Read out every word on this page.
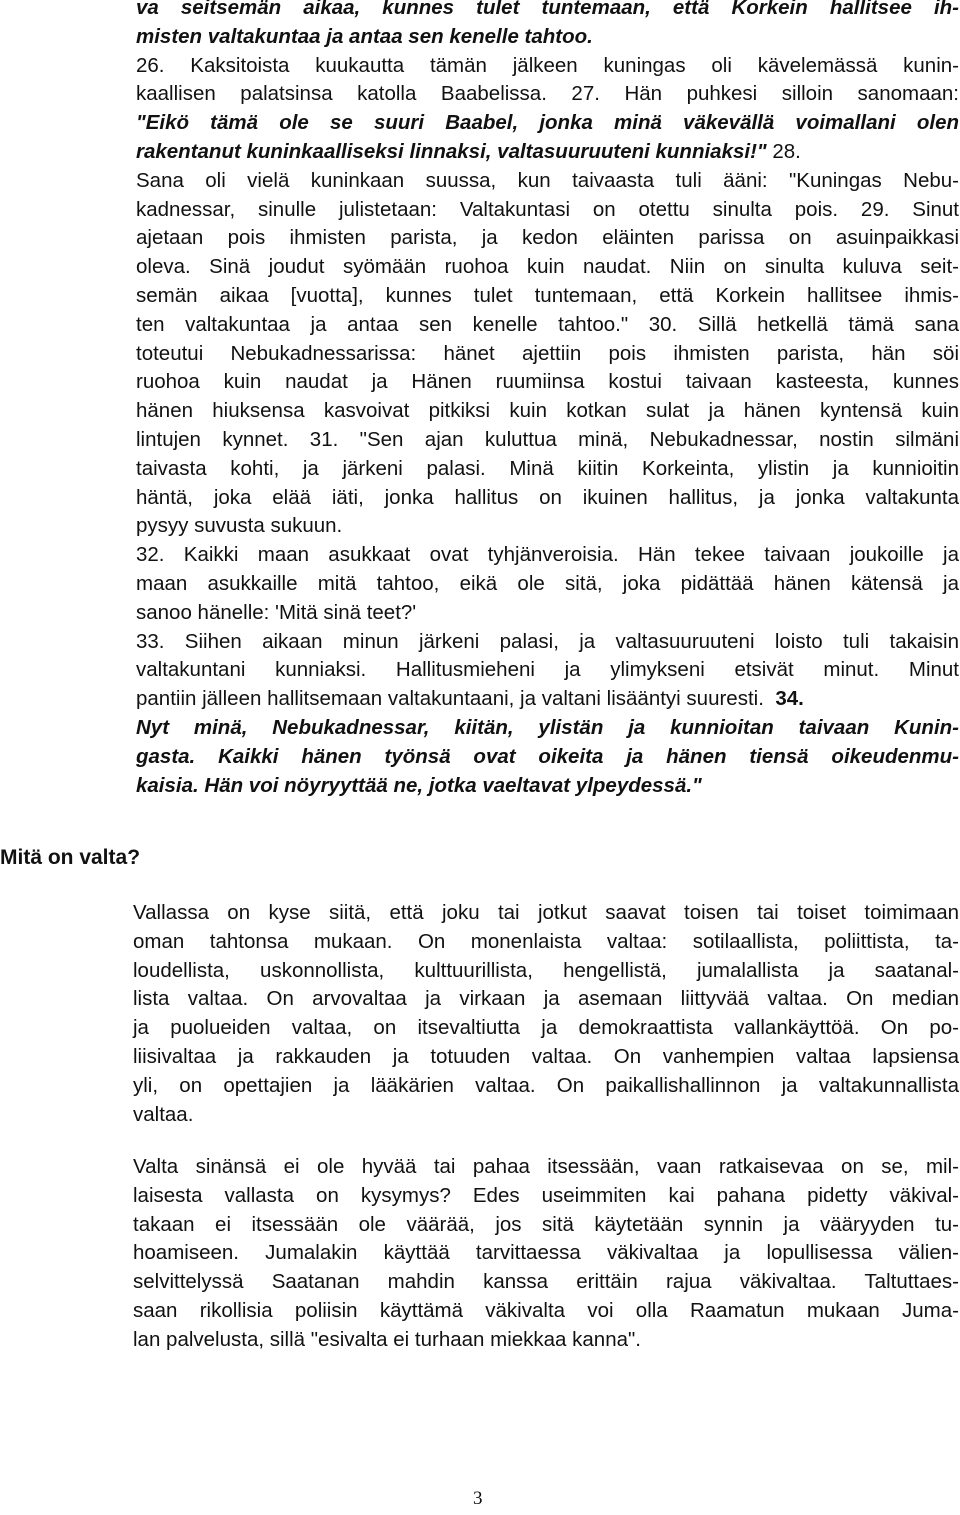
va seitsemän aikaa, kunnes tulet tuntemaan, että Korkein hallitsee ih-
misten valtakuntaa ja antaa sen kenelle tahtoo.
26. Kaksitoista kuukautta tämän jälkeen kuningas oli kävelemässä kunin-
kaallisen palatsinsa katolla Baabelissa. 27. Hän puhkesi silloin sanomaan:
"Eikö tämä ole se suuri Baabel, jonka minä väkevällä voimallani olen
rakentanut kuninkaalliseksi linnaksi, valtasuuruuteni kunniaksi!" 28.
Sana oli vielä kuninkaan suussa, kun taivaasta tuli ääni: "Kuningas Nebu-
kadnessar, sinulle julistetaan: Valtakuntasi on otettu sinulta pois. 29. Sinut
ajetaan pois ihmisten parista, ja kedon eläinten parissa on asuinpaikkasi
oleva. Sinä joudut syömään ruohoa kuin naudat. Niin on sinulta kuluva seit-
semän aikaa [vuotta], kunnes tulet tuntemaan, että Korkein hallitsee ihmis-
ten valtakuntaa ja antaa sen kenelle tahtoo." 30. Sillä hetkellä tämä sana
toteutui Nebukadnessarissa: hänet ajettiin pois ihmisten parista, hän söi
ruohoa kuin naudat ja Hänen ruumiinsa kostui taivaan kasteesta, kunnes
hänen hiuksensa kasvoivat pitkiksi kuin kotkan sulat ja hänen kyntensä kuin
lintujen kynnet. 31. "Sen ajan kuluttua minä, Nebukadnessar, nostin silmäni
taivasta kohti, ja järkeni palasi. Minä kiitin Korkeinta, ylistin ja kunnioitin
häntä, joka elää iäti, jonka hallitus on ikuinen hallitus, ja jonka valtakunta
pysyy suvusta sukuun.
32. Kaikki maan asukkaat ovat tyhjänveroisia. Hän tekee taivaan joukoille ja
maan asukkaille mitä tahtoo, eikä ole sitä, joka pidättää hänen kätensä ja
sanoo hänelle: 'Mitä sinä teet?'
33. Siihen aikaan minun järkeni palasi, ja valtasuuruuteni loisto tuli takaisin
valtakuntani kunniaksi. Hallitusmieheni ja ylimykseni etsivät minut. Minut
pantiin jälleen hallitsemaan valtakuntaani, ja valtani lisääntyi suuresti. 34.
Nyt minä, Nebukadnessar, kiitän, ylistän ja kunnioitan taivaan Kunin-
gasta. Kaikki hänen työnsä ovat oikeita ja hänen tiensä oikeudenmu-
kaisia. Hän voi nöyryyttää ne, jotka vaeltavat ylpeydessä."
Mitä on valta?
Vallassa on kyse siitä, että joku tai jotkut saavat toisen tai toiset toimimaan
oman tahtonsa mukaan. On monenlaista valtaa: sotilaallista, poliittista, ta-
loudellista, uskonnollista, kulttuurillista, hengellistä, jumalallista ja saatanal-
lista valtaa. On arvovaltaa ja virkaan ja asemaan liittyvää valtaa. On median
ja puolueiden valtaa, on itsevaltiutta ja demokraattista vallankäyttöä. On po-
liisivaltaa ja rakkauden ja totuuden valtaa. On vanhempien valtaa lapsiensa
yli, on opettajien ja lääkärien valtaa. On paikallishallinnon ja valtakunnallista
valtaa.
Valta sinänsä ei ole hyvää tai pahaa itsessään, vaan ratkaisevaa on se, mil-
laisesta vallasta on kysymys? Edes useimmiten kai pahana pidetty väkival-
takaan ei itsessään ole väärää, jos sitä käytetään synnin ja vääryyden tu-
hoamiseen. Jumalakin käyttää tarvittaessa väkivaltaa ja lopullisessa välien-
selvittelyssä Saatanan mahdin kanssa erittäin rajua väkivaltaa. Taltuttaes-
saan rikollisia poliisin käyttämä väkivalta voi olla Raamatun mukaan Juma-
lan palvelusta, sillä "esivalta ei turhaan miekkaa kanna".
3
